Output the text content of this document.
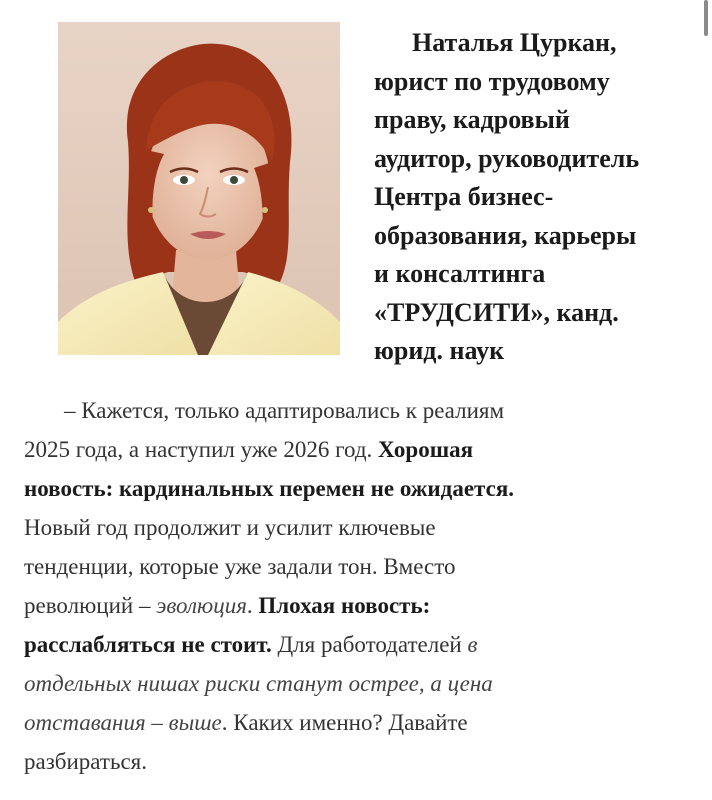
Наталья Цуркан,
юрист по трудовому
праву, кадровый
аудитор, руководитель
Центра бизнес-
образования, карьеры
и консалтинга
«ТРУДСИТИ», канд.
юрид. наук
– Кажется, только адаптировались к реалиям
2025 года, а наступил уже 2026 год. Хорошая
новость: кардинальных перемен не ожидается.
Новый год продолжит и усилит ключевые
тенденции, которые уже задали тон. Вместо
революций – эволюция. Плохая новость:
расслабляться не стоит. Для работодателей в
отдельных нишах риски станут острее, а цена
отставания – выше. Каких именно? Давайте
разбираться.
